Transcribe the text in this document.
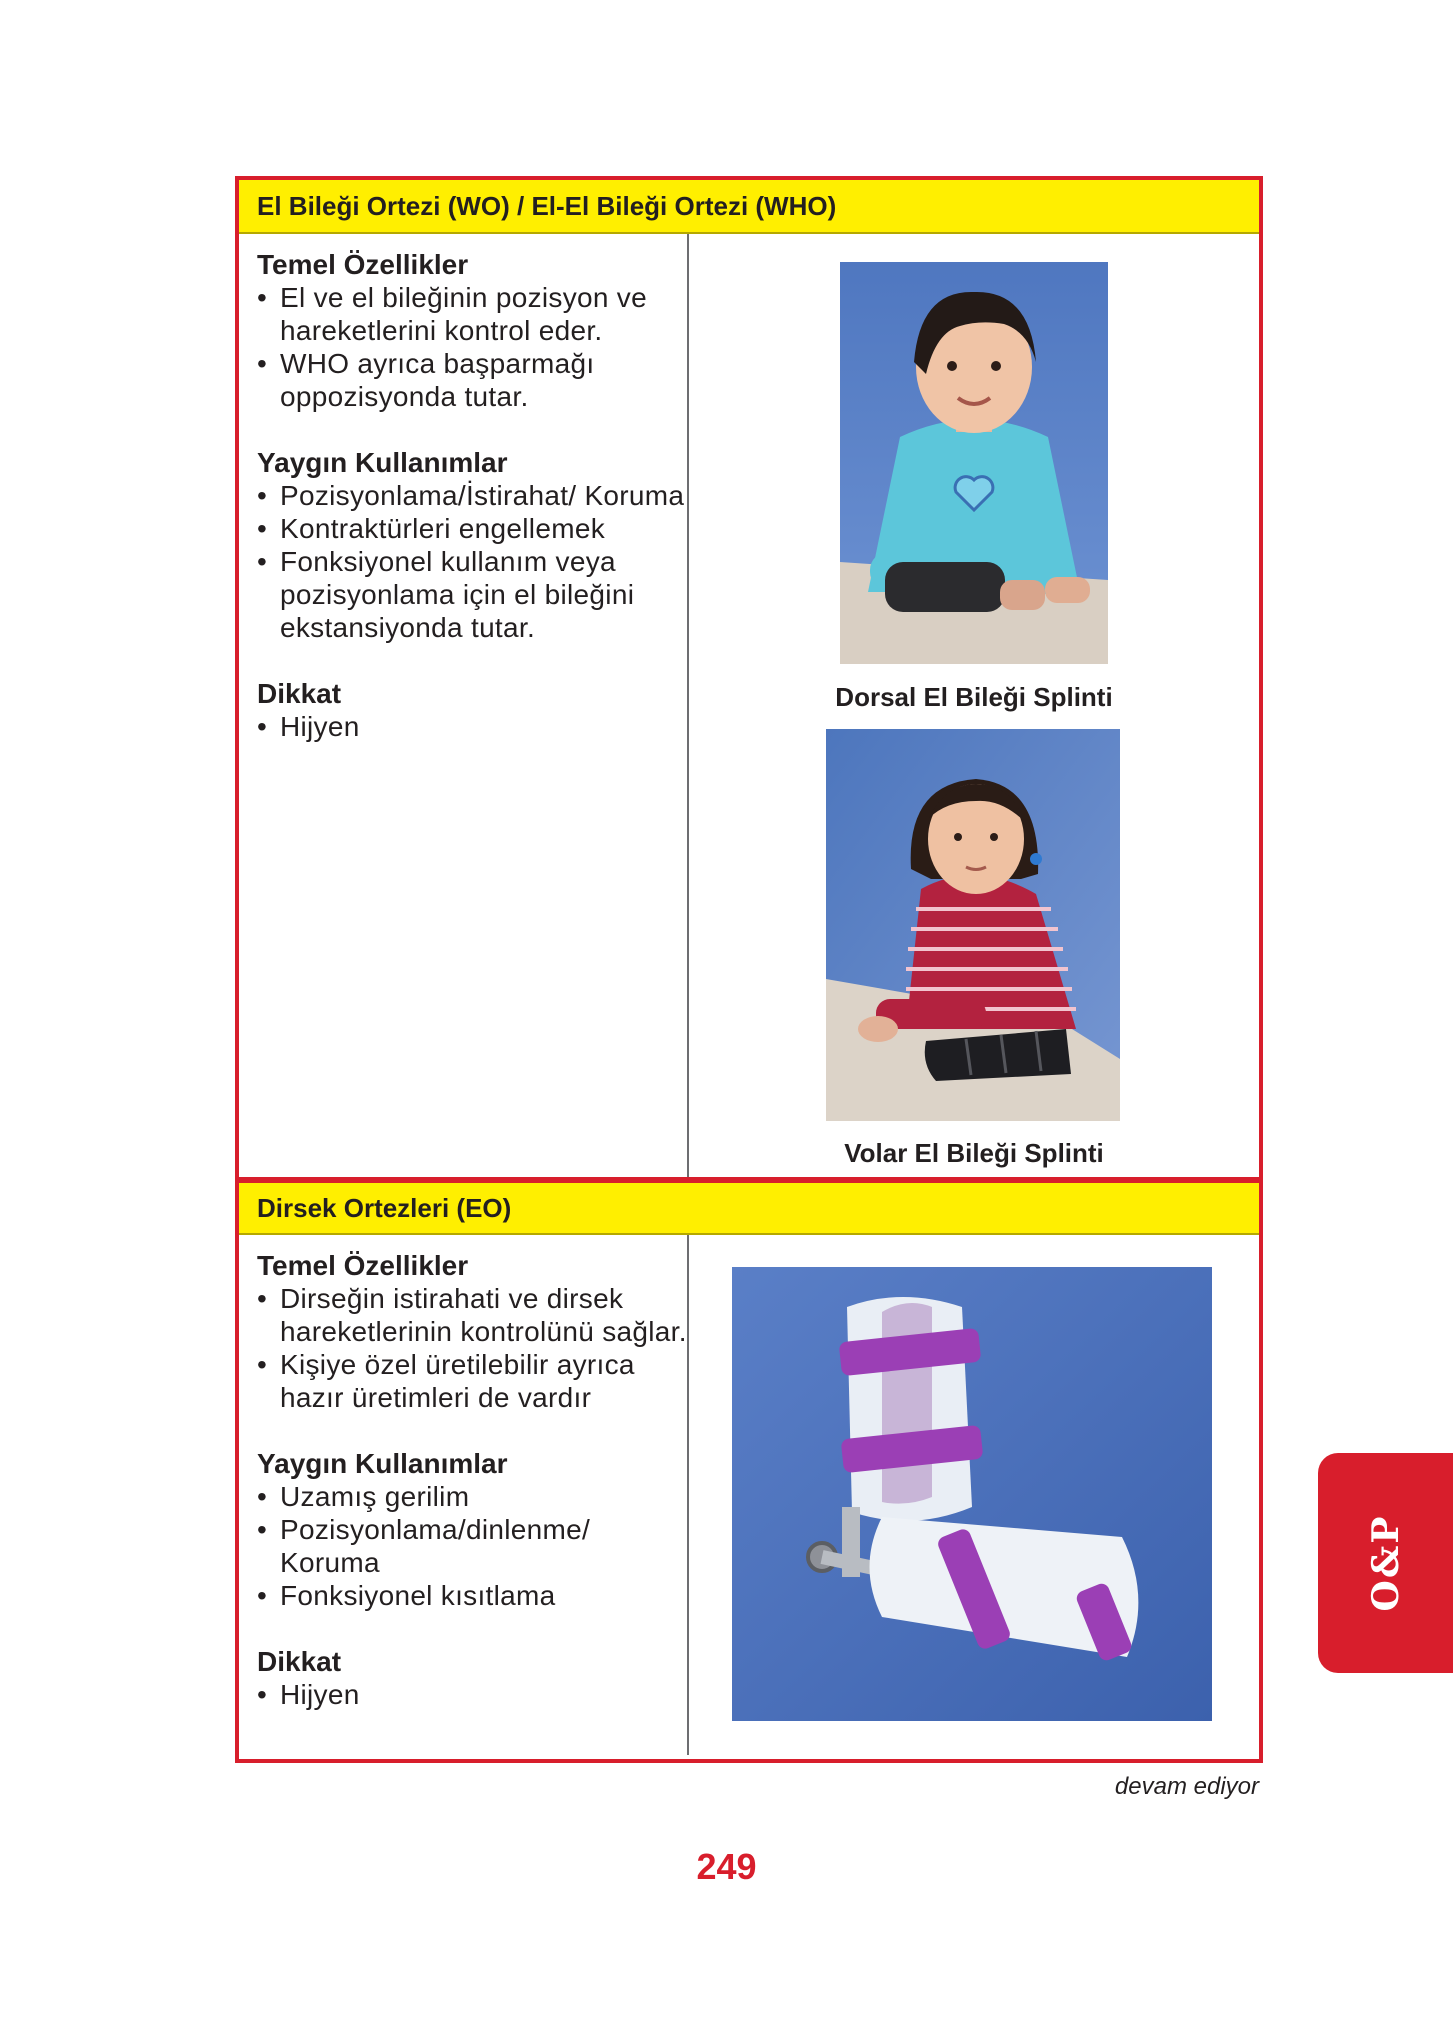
El Bileği Ortezi (WO) / El-El Bileği Ortezi (WHO)

Temel Özellikler

• El ve el bileğinin pozisyon ve hareketlerini kontrol eder.
• WHO ayrıca başparmağı oppozisyonda tutar.

Yaygın Kullanımlar

• Pozisyonlama/İstirahat/ Koruma
• Kontraktürleri engellemek
• Fonksiyonel kullanım veya pozisyonlama için el bileğini ekstansiyonda tutar.

Dikkat

• Hijyen
Dorsal El Bileği Splinti
Volar El Bileği Splinti
Dirsek Ortezleri (EO)

Temel Özellikler

• Dirseğin istirahati ve dirsek hareketlerinin kontrolünü sağlar.
• Kişiye özel üretilebilir ayrıca hazır üretimleri de vardır

Yaygın Kullanımlar

• Uzamış gerilim
• Pozisyonlama/dinlenme/ Koruma
• Fonksiyonel kısıtlama

Dikkat

• Hijyen
O&P
devam ediyor
249
